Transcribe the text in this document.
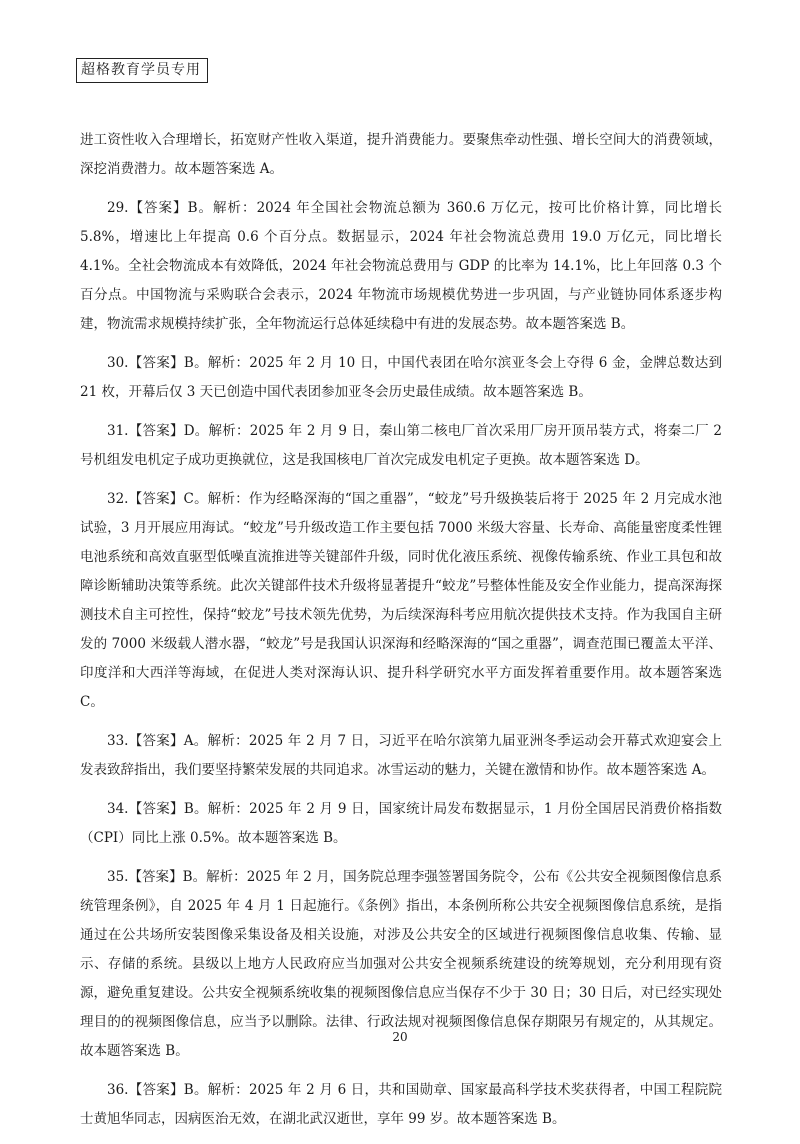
超格教育学员专用

进工资性收入合理增长，拓宽财产性收入渠道，提升消费能力。要聚焦牵动性强、增长空间大的消费领域，深挖消费潜力。故本题答案选 A。

29.【答案】B。解析：2024 年全国社会物流总额为 360.6 万亿元，按可比价格计算，同比增长 5.8%，增速比上年提高 0.6 个百分点。数据显示，2024 年社会物流总费用 19.0 万亿元，同比增长 4.1%。全社会物流成本有效降低，2024 年社会物流总费用与 GDP 的比率为 14.1%，比上年回落 0.3 个百分点。中国物流与采购联合会表示，2024 年物流市场规模优势进一步巩固，与产业链协同体系逐步构建，物流需求规模持续扩张，全年物流运行总体延续稳中有进的发展态势。故本题答案选 B。

30.【答案】B。解析：2025 年 2 月 10 日，中国代表团在哈尔滨亚冬会上夺得 6 金，金牌总数达到 21 枚，开幕后仅 3 天已创造中国代表团参加亚冬会历史最佳成绩。故本题答案选 B。

31.【答案】D。解析：2025 年 2 月 9 日，秦山第二核电厂首次采用厂房开顶吊装方式，将秦二厂 2 号机组发电机定子成功更换就位，这是我国核电厂首次完成发电机定子更换。故本题答案选 D。

32.【答案】C。解析：作为经略深海的“国之重器”，“蛟龙”号升级换装后将于 2025 年 2 月完成水池试验，3 月开展应用海试。“蛟龙”号升级改造工作主要包括 7000 米级大容量、长寿命、高能量密度柔性锂电池系统和高效直驱型低噪直流推进等关键部件升级，同时优化液压系统、视像传输系统、作业工具包和故障诊断辅助决策等系统。此次关键部件技术升级将显著提升“蛟龙”号整体性能及安全作业能力，提高深海探测技术自主可控性，保持“蛟龙”号技术领先优势，为后续深海科考应用航次提供技术支持。作为我国自主研发的 7000 米级载人潜水器，“蛟龙”号是我国认识深海和经略深海的“国之重器”，调查范围已覆盖太平洋、印度洋和大西洋等海域，在促进人类对深海认识、提升科学研究水平方面发挥着重要作用。故本题答案选 C。

33.【答案】A。解析：2025 年 2 月 7 日，习近平在哈尔滨第九届亚洲冬季运动会开幕式欢迎宴会上发表致辞指出，我们要坚持繁荣发展的共同追求。冰雪运动的魅力，关键在激情和协作。故本题答案选 A。

34.【答案】B。解析：2025 年 2 月 9 日，国家统计局发布数据显示，1 月份全国居民消费价格指数（CPI）同比上涨 0.5%。故本题答案选 B。

35.【答案】B。解析：2025 年 2 月，国务院总理李强签署国务院令，公布《公共安全视频图像信息系统管理条例》，自 2025 年 4 月 1 日起施行。《条例》指出，本条例所称公共安全视频图像信息系统，是指通过在公共场所安装图像采集设备及相关设施，对涉及公共安全的区域进行视频图像信息收集、传输、显示、存储的系统。县级以上地方人民政府应当加强对公共安全视频系统建设的统筹规划，充分利用现有资源，避免重复建设。公共安全视频系统收集的视频图像信息应当保存不少于 30 日；30 日后，对已经实现处理目的的视频图像信息，应当予以删除。法律、行政法规对视频图像信息保存期限另有规定的，从其规定。故本题答案选 B。

36.【答案】B。解析：2025 年 2 月 6 日，共和国勋章、国家最高科学技术奖获得者，中国工程院院士黄旭华同志，因病医治无效，在湖北武汉逝世，享年 99 岁。故本题答案选 B。

20
